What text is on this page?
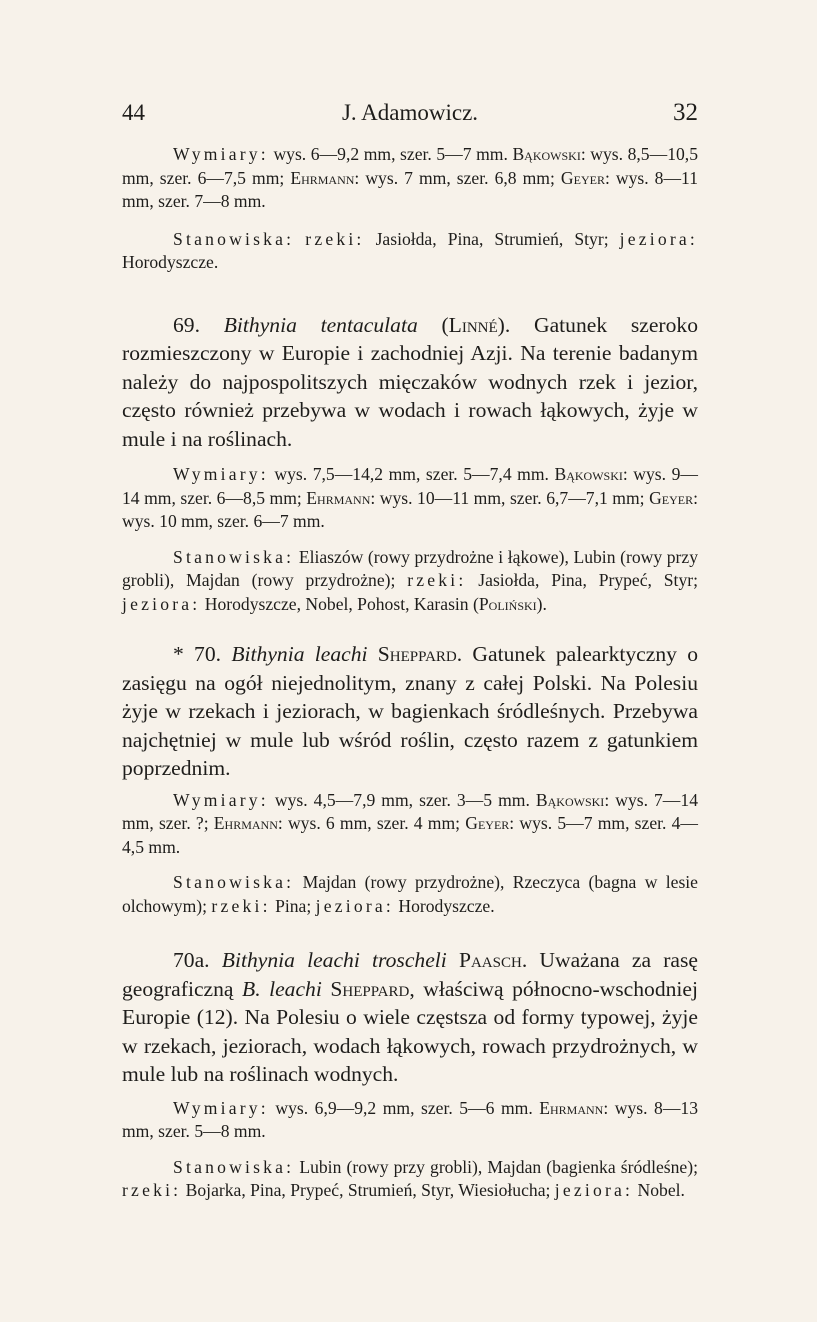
44	J. Adamowicz.	32

Wymiary: wys. 6—9,2 mm, szer. 5—7 mm. Bąkowski: wys. 8,5—10,5 mm, szer. 6—7,5 mm; Ehrmann: wys. 7 mm, szer. 6,8 mm; Geyer: wys. 8—11 mm, szer. 7—8 mm.

Stanowiska: rzeki: Jasiołda, Pina, Strumień, Styr; jeziora: Horodyszcze.

69. Bithynia tentaculata (Linné). Gatunek szeroko rozmieszczony w Europie i zachodniej Azji. Na terenie badanym należy do najpospolitszych mięczaków wodnych rzek i jezior, często również przebywa w wodach i rowach łąkowych, żyje w mule i na roślinach.

Wymiary: wys. 7,5—14,2 mm, szer. 5—7,4 mm. Bąkowski: wys. 9—14 mm, szer. 6—8,5 mm; Ehrmann: wys. 10—11 mm, szer. 6,7—7,1 mm; Geyer: wys. 10 mm, szer. 6—7 mm.

Stanowiska: Eliaszów (rowy przydrożne i łąkowe), Lubin (rowy przy grobli), Majdan (rowy przydrożne); rzeki: Jasiołda, Pina, Prypeć, Styr; jeziora: Horodyszcze, Nobel, Pohost, Karasin (Poliński).

* 70. Bithynia leachi Sheppard. Gatunek palearktyczny o zasięgu na ogół niejednolitym, znany z całej Polski. Na Polesiu żyje w rzekach i jeziorach, w bagienkach śródleśnych. Przebywa najchętniej w mule lub wśród roślin, często razem z gatunkiem poprzednim.

Wymiary: wys. 4,5—7,9 mm, szer. 3—5 mm. Bąkowski: wys. 7—14 mm, szer. ?; Ehrmann: wys. 6 mm, szer. 4 mm; Geyer: wys. 5—7 mm, szer. 4—4,5 mm.

Stanowiska: Majdan (rowy przydrożne), Rzeczyca (bagna w lesie olchowym); rzeki: Pina; jeziora: Horodyszcze.

70a. Bithynia leachi troscheli Paasch. Uważana za rasę geograficzną B. leachi Sheppard, właściwą północno-wschodniej Europie (12). Na Polesiu o wiele częstsza od formy typowej, żyje w rzekach, jeziorach, wodach łąkowych, rowach przydrożnych, w mule lub na roślinach wodnych.

Wymiary: wys. 6,9—9,2 mm, szer. 5—6 mm. Ehrmann: wys. 8—13 mm, szer. 5—8 mm.

Stanowiska: Lubin (rowy przy grobli), Majdan (bagienka śródleśne); rzeki: Bojarka, Pina, Prypeć, Strumień, Styr, Wiesiołucha; jeziora: Nobel.
